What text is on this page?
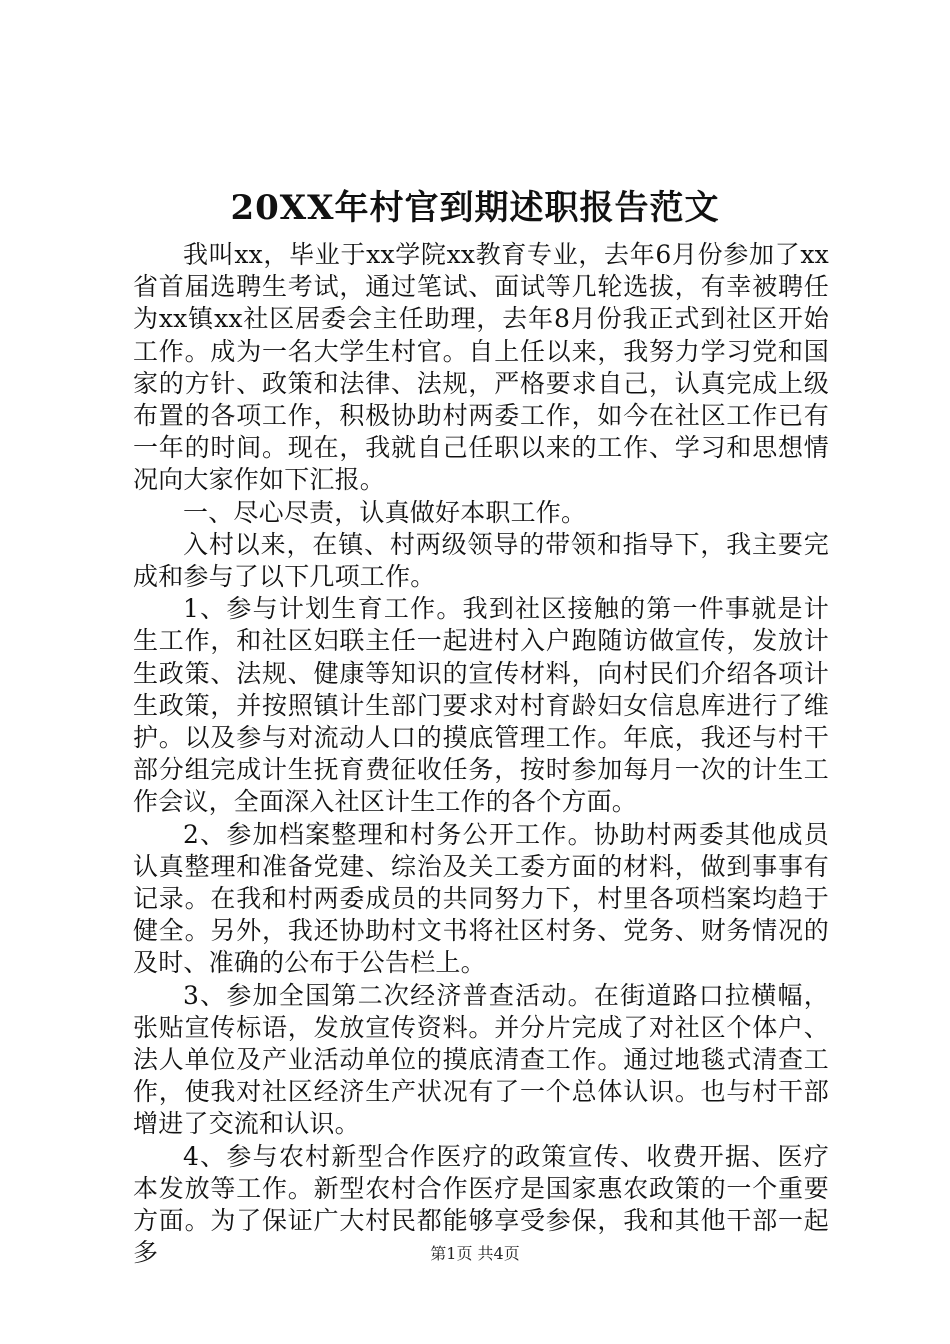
20XX年村官到期述职报告范文

我叫xx，毕业于xx学院xx教育专业，去年6月份参加了xx省首届选聘生考试，通过笔试、面试等几轮选拔，有幸被聘任为xx镇xx社区居委会主任助理，去年8月份我正式到社区开始工作。成为一名大学生村官。自上任以来，我努力学习党和国家的方针、政策和法律、法规，严格要求自己，认真完成上级布置的各项工作，积极协助村两委工作，如今在社区工作已有一年的时间。现在，我就自己任职以来的工作、学习和思想情况向大家作如下汇报。

一、尽心尽责，认真做好本职工作。

入村以来，在镇、村两级领导的带领和指导下，我主要完成和参与了以下几项工作。

1、参与计划生育工作。我到社区接触的第一件事就是计生工作，和社区妇联主任一起进村入户跑随访做宣传，发放计生政策、法规、健康等知识的宣传材料，向村民们介绍各项计生政策，并按照镇计生部门要求对村育龄妇女信息库进行了维护。以及参与对流动人口的摸底管理工作。年底，我还与村干部分组完成计生抚育费征收任务，按时参加每月一次的计生工作会议，全面深入社区计生工作的各个方面。

2、参加档案整理和村务公开工作。协助村两委其他成员认真整理和准备党建、综治及关工委方面的材料，做到事事有记录。在我和村两委成员的共同努力下，村里各项档案均趋于健全。另外，我还协助村文书将社区村务、党务、财务情况的及时、准确的公布于公告栏上。

3、参加全国第二次经济普查活动。在街道路口拉横幅，张贴宣传标语，发放宣传资料。并分片完成了对社区个体户、法人单位及产业活动单位的摸底清查工作。通过地毯式清查工作，使我对社区经济生产状况有了一个总体认识。也与村干部增进了交流和认识。

4、参与农村新型合作医疗的政策宣传、收费开据、医疗本发放等工作。新型农村合作医疗是国家惠农政策的一个重要方面。为了保证广大村民都能够享受参保，我和其他干部一起多	第1页 共4页
